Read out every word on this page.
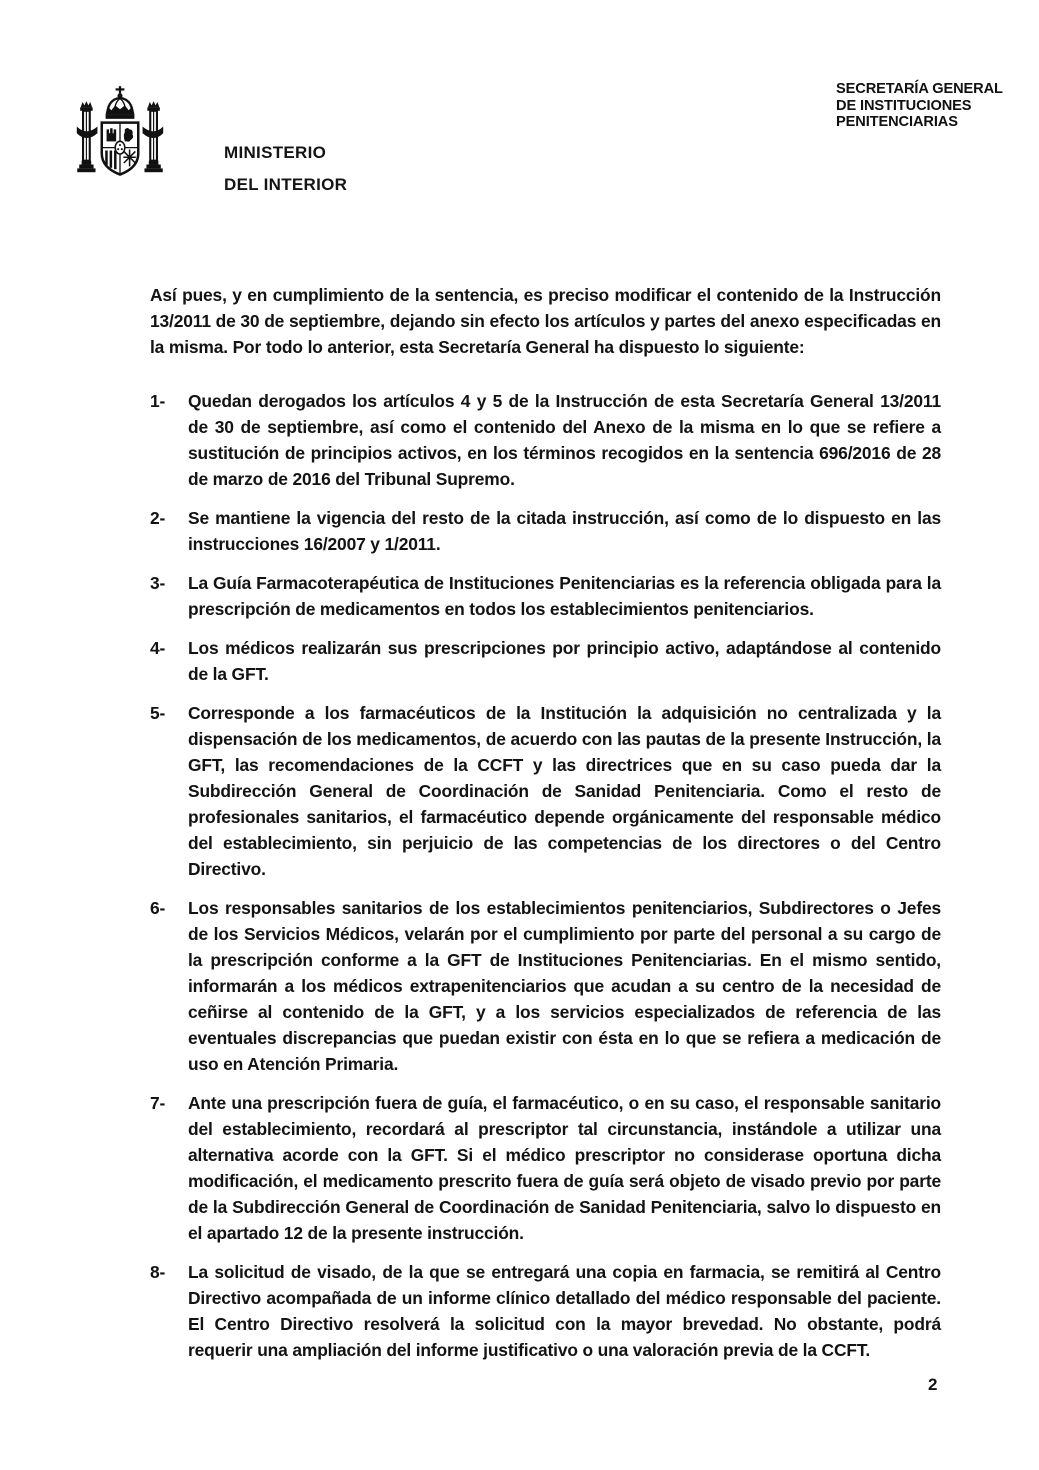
MINISTERIO
DEL INTERIOR
SECRETARÍA GENERAL
DE INSTITUCIONES
PENITENCIARIAS

Así pues, y en cumplimiento de la sentencia, es preciso modificar el contenido de la Instrucción 13/2011 de 30 de septiembre, dejando sin efecto los artículos y partes del anexo especificadas en la misma. Por todo lo anterior, esta Secretaría General ha dispuesto lo siguiente:

1-	Quedan derogados los artículos 4 y 5 de la Instrucción de esta Secretaría General 13/2011 de 30 de septiembre, así como el contenido del Anexo de la misma en lo que se refiere a sustitución de principios activos, en los términos recogidos en la sentencia 696/2016 de 28 de marzo de 2016 del Tribunal Supremo.
2-	Se mantiene la vigencia del resto de la citada instrucción, así como de lo dispuesto en las instrucciones 16/2007 y 1/2011.
3-	La Guía Farmacoterapéutica de Instituciones Penitenciarias es la referencia obligada para la prescripción de medicamentos en todos los establecimientos penitenciarios.
4-	Los médicos realizarán sus prescripciones por principio activo, adaptándose al contenido de la GFT.
5-	Corresponde a los farmacéuticos de la Institución la adquisición no centralizada y la dispensación de los medicamentos, de acuerdo con las pautas de la presente Instrucción, la GFT, las recomendaciones de la CCFT y las directrices que en su caso pueda dar la Subdirección General de Coordinación de Sanidad Penitenciaria. Como el resto de profesionales sanitarios, el farmacéutico depende orgánicamente del responsable médico del establecimiento, sin perjuicio de las competencias de los directores o del Centro Directivo.
6-	Los responsables sanitarios de los establecimientos penitenciarios, Subdirectores o Jefes de los Servicios Médicos, velarán por el cumplimiento por parte del personal a su cargo de la prescripción conforme a la GFT de Instituciones Penitenciarias. En el mismo sentido, informarán a los médicos extrapenitenciarios que acudan a su centro de la necesidad de ceñirse al contenido de la GFT, y a los servicios especializados de referencia de las eventuales discrepancias que puedan existir con ésta en lo que se refiera a medicación de uso en Atención Primaria.
7-	Ante una prescripción fuera de guía, el farmacéutico, o en su caso, el responsable sanitario del establecimiento, recordará al prescriptor tal circunstancia, instándole a utilizar una alternativa acorde con la GFT. Si el médico prescriptor no considerase oportuna dicha modificación, el medicamento prescrito fuera de guía será objeto de visado previo por parte de la Subdirección General de Coordinación de Sanidad Penitenciaria, salvo lo dispuesto en el apartado 12 de la presente instrucción.
8-	La solicitud de visado, de la que se entregará una copia en farmacia, se remitirá al Centro Directivo acompañada de un informe clínico detallado del médico responsable del paciente. El Centro Directivo resolverá la solicitud con la mayor brevedad. No obstante, podrá requerir una ampliación del informe justificativo o una valoración previa de la CCFT.
2
